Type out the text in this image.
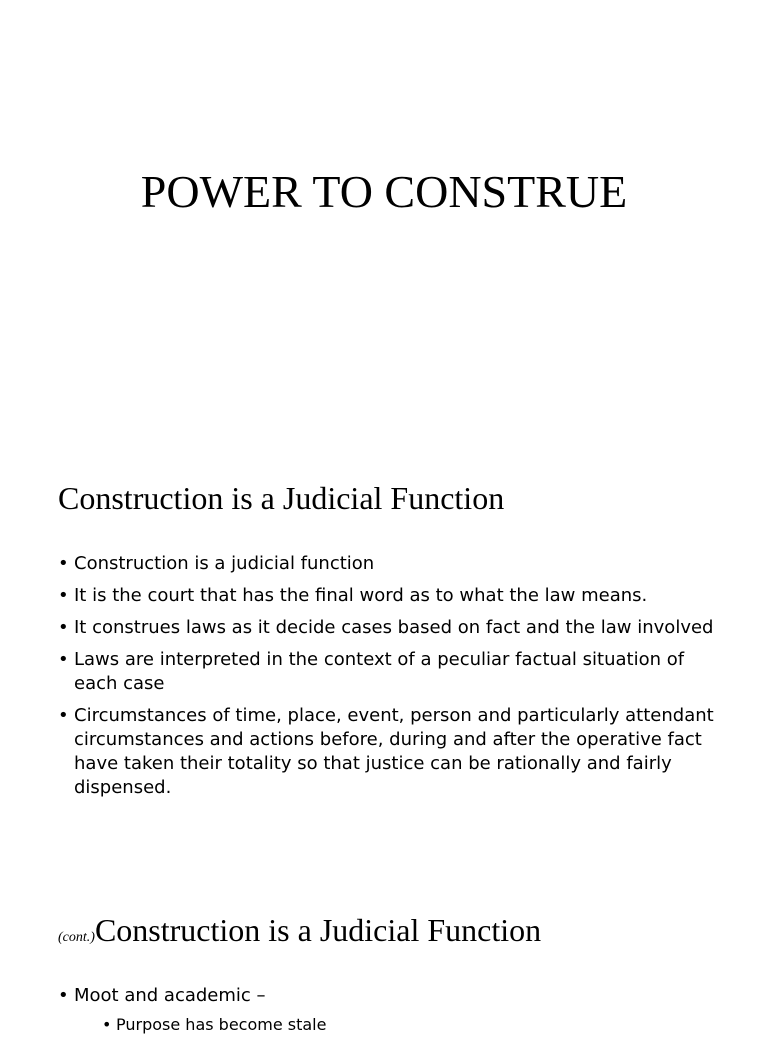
POWER TO CONSTRUE
Construction is a Judicial Function
• Construction is a judicial function
• It is the court that has the final word as to what the law means.
• It construes laws as it decide cases based on fact and the law involved
• Laws are interpreted in the context of a peculiar factual situation of each case
• Circumstances of time, place, event, person and particularly attendant circumstances and actions before, during and after the operative fact have taken their totality so that justice can be rationally and fairly dispensed.
(cont.)Construction is a Judicial Function
• Moot and academic –
• Purpose has become stale
